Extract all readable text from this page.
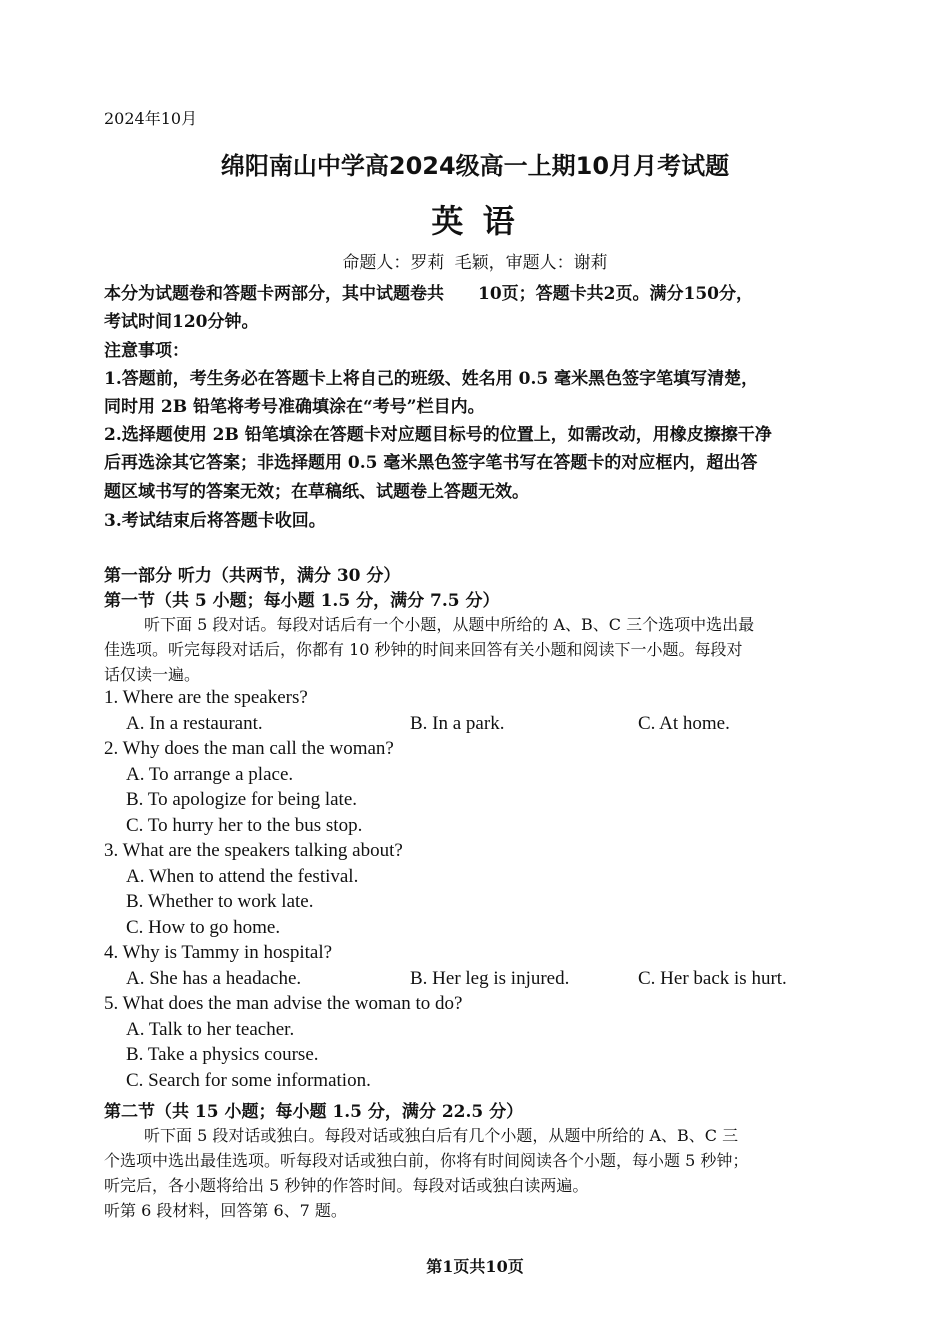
2024年10月
绵阳南山中学高2024级高一上期10月月考试题
英 语
命题人：罗莉 毛颖，审题人：谢莉
本分为试题卷和答题卡两部分，其中试题卷共　　10页；答题卡共2页。满分150分，
考试时间120分钟。
注意事项：
1.答题前，考生务必在答题卡上将自己的班级、姓名用 0.5 毫米黑色签字笔填写清楚，
同时用 2B 铅笔将考号准确填涂在“考号”栏目内。
2.选择题使用 2B 铅笔填涂在答题卡对应题目标号的位置上，如需改动，用橡皮擦擦干净
后再选涂其它答案；非选择题用 0.5 毫米黑色签字笔书写在答题卡的对应框内，超出答
题区域书写的答案无效；在草稿纸、试题卷上答题无效。
3.考试结束后将答题卡收回。
第一部分 听力（共两节，满分 30 分）
第一节（共 5 小题；每小题 1.5 分，满分 7.5 分）
听下面 5 段对话。每段对话后有一个小题，从题中所给的 A、B、C 三个选项中选出最
佳选项。听完每段对话后，你都有 10 秒钟的时间来回答有关小题和阅读下一小题。每段对
话仅读一遍。
1. Where are the speakers?
A. In a restaurant.	B. In a park.	C. At home.
2. Why does the man call the woman?
A. To arrange a place.
B. To apologize for being late.
C. To hurry her to the bus stop.
3. What are the speakers talking about?
A. When to attend the festival.
B. Whether to work late.
C. How to go home.
4. Why is Tammy in hospital?
A. She has a headache.	B. Her leg is injured.	C. Her back is hurt.
5. What does the man advise the woman to do?
A. Talk to her teacher.
B. Take a physics course.
C. Search for some information.
第二节（共 15 小题；每小题 1.5 分，满分 22.5 分）
听下面 5 段对话或独白。每段对话或独白后有几个小题，从题中所给的 A、B、C 三
个选项中选出最佳选项。听每段对话或独白前，你将有时间阅读各个小题，每小题 5 秒钟；
听完后，各小题将给出 5 秒钟的作答时间。每段对话或独白读两遍。
听第 6 段材料，回答第 6、7 题。
第1页共10页
